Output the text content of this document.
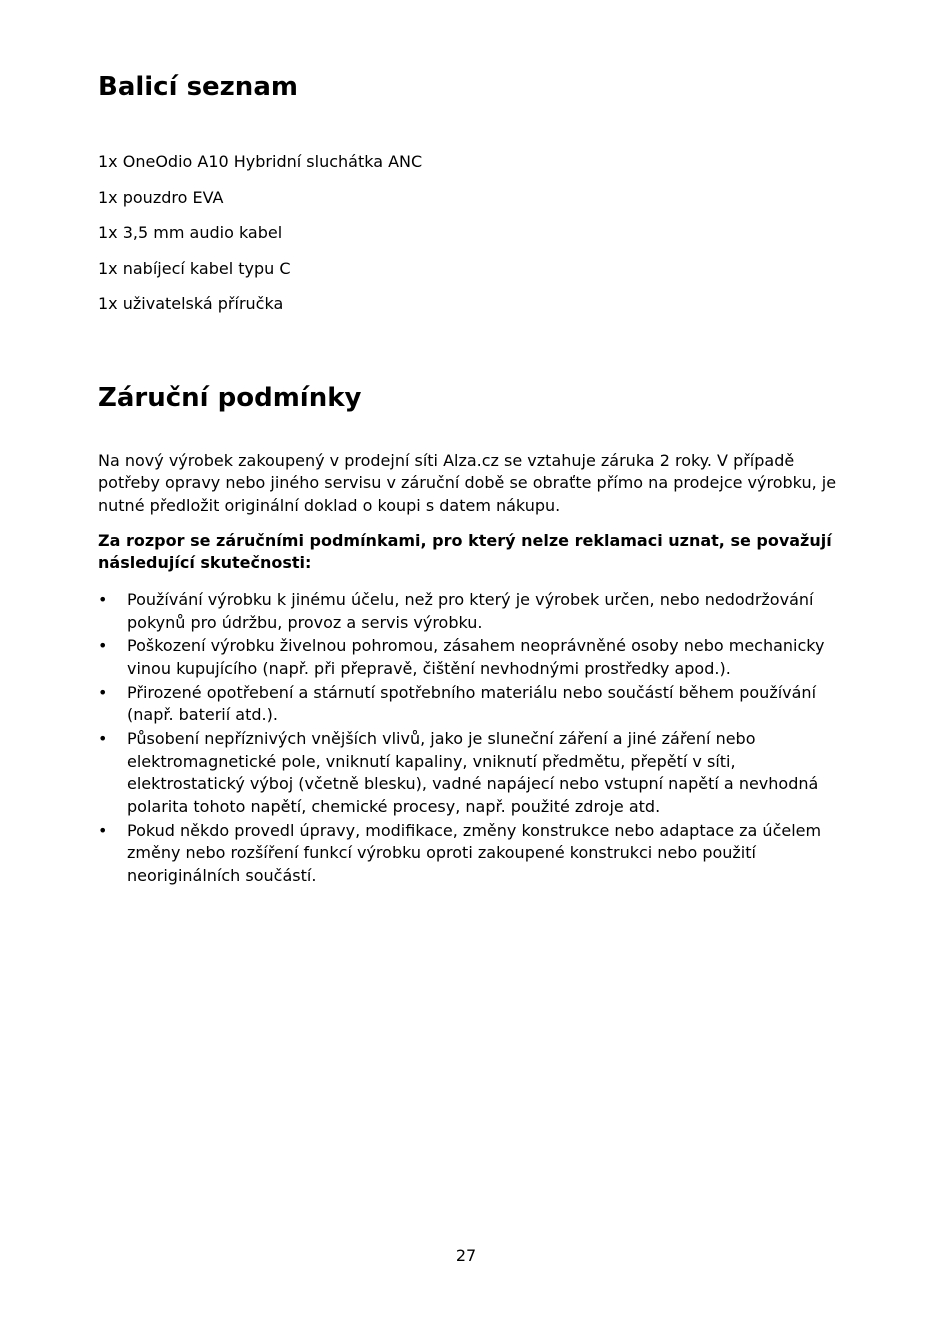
Balicí seznam
1x OneOdio A10 Hybridní sluchátka ANC
1x pouzdro EVA
1x 3,5 mm audio kabel
1x nabíjecí kabel typu C
1x uživatelská příručka
Záruční podmínky

Na nový výrobek zakoupený v prodejní síti Alza.cz se vztahuje záruka 2 roky. V případě potřeby opravy nebo jiného servisu v záruční době se obraťte přímo na prodejce výrobku, je nutné předložit originální doklad o koupi s datem nákupu.

Za rozpor se záručními podmínkami, pro který nelze reklamaci uznat, se považují následující skutečnosti:

• Používání výrobku k jinému účelu, než pro který je výrobek určen, nebo nedodržování pokynů pro údržbu, provoz a servis výrobku.
• Poškození výrobku živelnou pohromou, zásahem neoprávněné osoby nebo mechanicky vinou kupujícího (např. při přepravě, čištění nevhodnými prostředky apod.).
• Přirozené opotřebení a stárnutí spotřebního materiálu nebo součástí během používání (např. baterií atd.).
• Působení nepříznivých vnějších vlivů, jako je sluneční záření a jiné záření nebo elektromagnetické pole, vniknutí kapaliny, vniknutí předmětu, přepětí v síti, elektrostatický výboj (včetně blesku), vadné napájecí nebo vstupní napětí a nevhodná polarita tohoto napětí, chemické procesy, např. použité zdroje atd.
• Pokud někdo provedl úpravy, modifikace, změny konstrukce nebo adaptace za účelem změny nebo rozšíření funkcí výrobku oproti zakoupené konstrukci nebo použití neoriginálních součástí.
27
